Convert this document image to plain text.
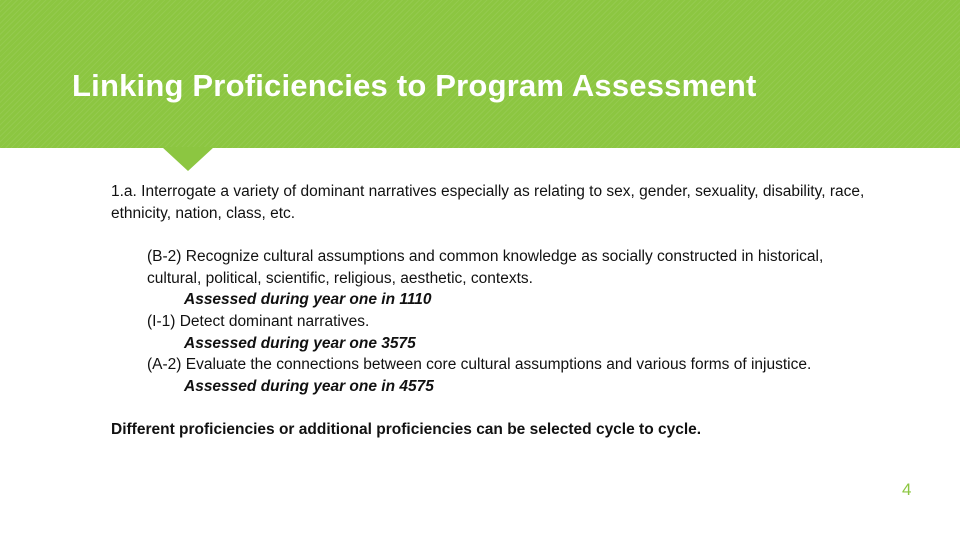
Linking Proficiencies to Program Assessment

1.a. Interrogate a variety of dominant narratives especially as relating to sex, gender, sexuality, disability, race, ethnicity, nation, class, etc.

(B-2) Recognize cultural assumptions and common knowledge as socially constructed in historical, cultural, political, scientific, religious, aesthetic, contexts.

Assessed during year one in 1110

(I-1) Detect dominant narratives.

Assessed during year one 3575

(A-2) Evaluate the connections between core cultural assumptions and various forms of injustice.

Assessed during year one in 4575

Different proficiencies or additional proficiencies can be selected cycle to cycle.

4
